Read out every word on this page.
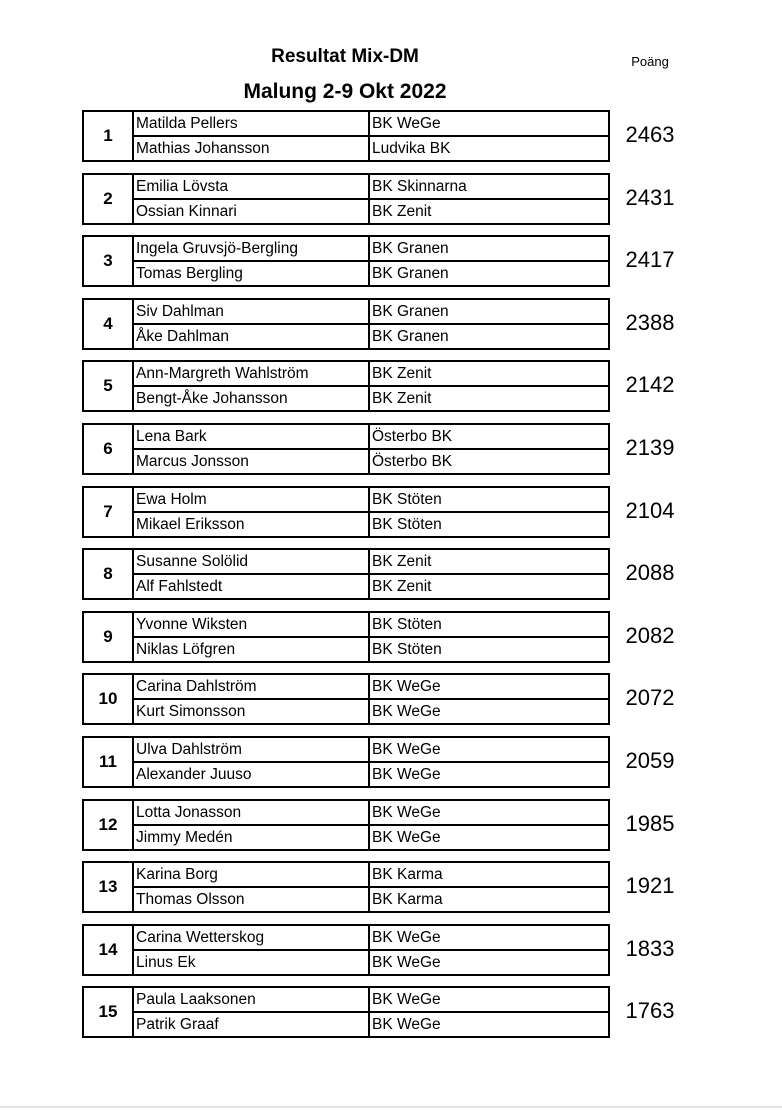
Resultat Mix-DM
Malung 2-9 Okt 2022
Poäng
1
Matilda Pellers	BK WeGe
Mathias Johansson	Ludvika BK
2463
2
Emilia Lövsta	BK Skinnarna
Ossian Kinnari	BK Zenit
2431
3
Ingela Gruvsjö-Bergling	BK Granen
Tomas Bergling	BK Granen
2417
4
Siv Dahlman	BK Granen
Åke Dahlman	BK Granen
2388
5
Ann-Margreth Wahlström	BK Zenit
Bengt-Åke Johansson	BK Zenit
2142
6
Lena Bark	Österbo BK
Marcus Jonsson	Österbo BK
2139
7
Ewa Holm	BK Stöten
Mikael Eriksson	BK Stöten
2104
8
Susanne Solölid	BK Zenit
Alf Fahlstedt	BK Zenit
2088
9
Yvonne Wiksten	BK Stöten
Niklas Löfgren	BK Stöten
2082
10
Carina Dahlström	BK WeGe
Kurt Simonsson	BK WeGe
2072
11
Ulva Dahlström	BK WeGe
Alexander Juuso	BK WeGe
2059
12
Lotta Jonasson	BK WeGe
Jimmy Medén	BK WeGe
1985
13
Karina Borg	BK Karma
Thomas Olsson	BK Karma
1921
14
Carina Wetterskog	BK WeGe
Linus Ek	BK WeGe
1833
15
Paula Laaksonen	BK WeGe
Patrik Graaf	BK WeGe
1763
